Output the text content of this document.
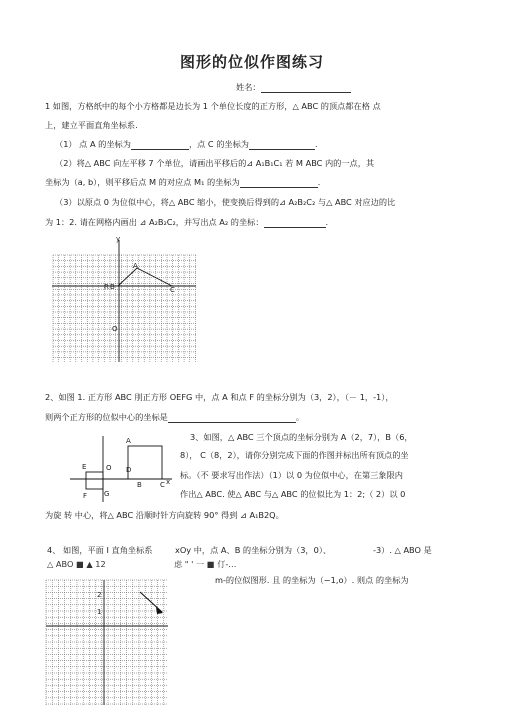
图形的位似作图练习
姓名：
1 如图，方格纸中的每个小方格都是边长为 1 个单位长度的正方形，△ ABC 的顶点都在格 点
上，建立平面直角坐标系.
（1） 点 A 的坐标为	，点 C 的坐标为	.
（2）将△ ABC 向左平移 7 个单位，请画出平移后的⊿ A₁B₁C₁ 若 M ABC 内的一点，其
坐标为（a, b），则平移后点 M 的对应点 M₁ 的坐标为	.
（3）以原点 0 为位似中心，将△ ABC 缩小，使变换后得到的⊿ A₂B₂C₂ 与△ ABC 对应边的比
为 1：2. 请在网格内画出 ⊿ A₂B₂C₂，并写出点 A₂ 的坐标：	.
y
A
R B	C
O
2、如图 1. 正方形 ABC 刖正方形 OEFG 中，点 A 和点 F 的坐标分别为（3，2），（－ 1，-1），
则两个正方形的位似中心的坐标是	。
A
D
E	O
F G
B	C x
3、如图，△ ABC 三个顶点的坐标分别为 A（2，7），B（6，
8）， C（8，2），请你分别完成下面的作图并标出所有顶点的坐
标。（不 要求写出作法）（1）以 0 为位似中心，在第三象限内
作出△ ABC. 使△ ABC 与△ ABC 的位似比为 1：2;（ 2）以 0
为旋 转 中心，将△ ABC 沿顺时针方向旋转 90° 得到 ⊿ A₁B2Q。
4、 如图，平面 I 直角坐标系	xOy 中，点 A、B 的坐标分别为（3，0）、	-3）. △ ABO 是
△ ABO ■ ▲ 12	虑 " ' 一 ■ 仃-…
m-的位似图形. 且 的坐标为（−1,o）. 则点 的坐标为
2
1
